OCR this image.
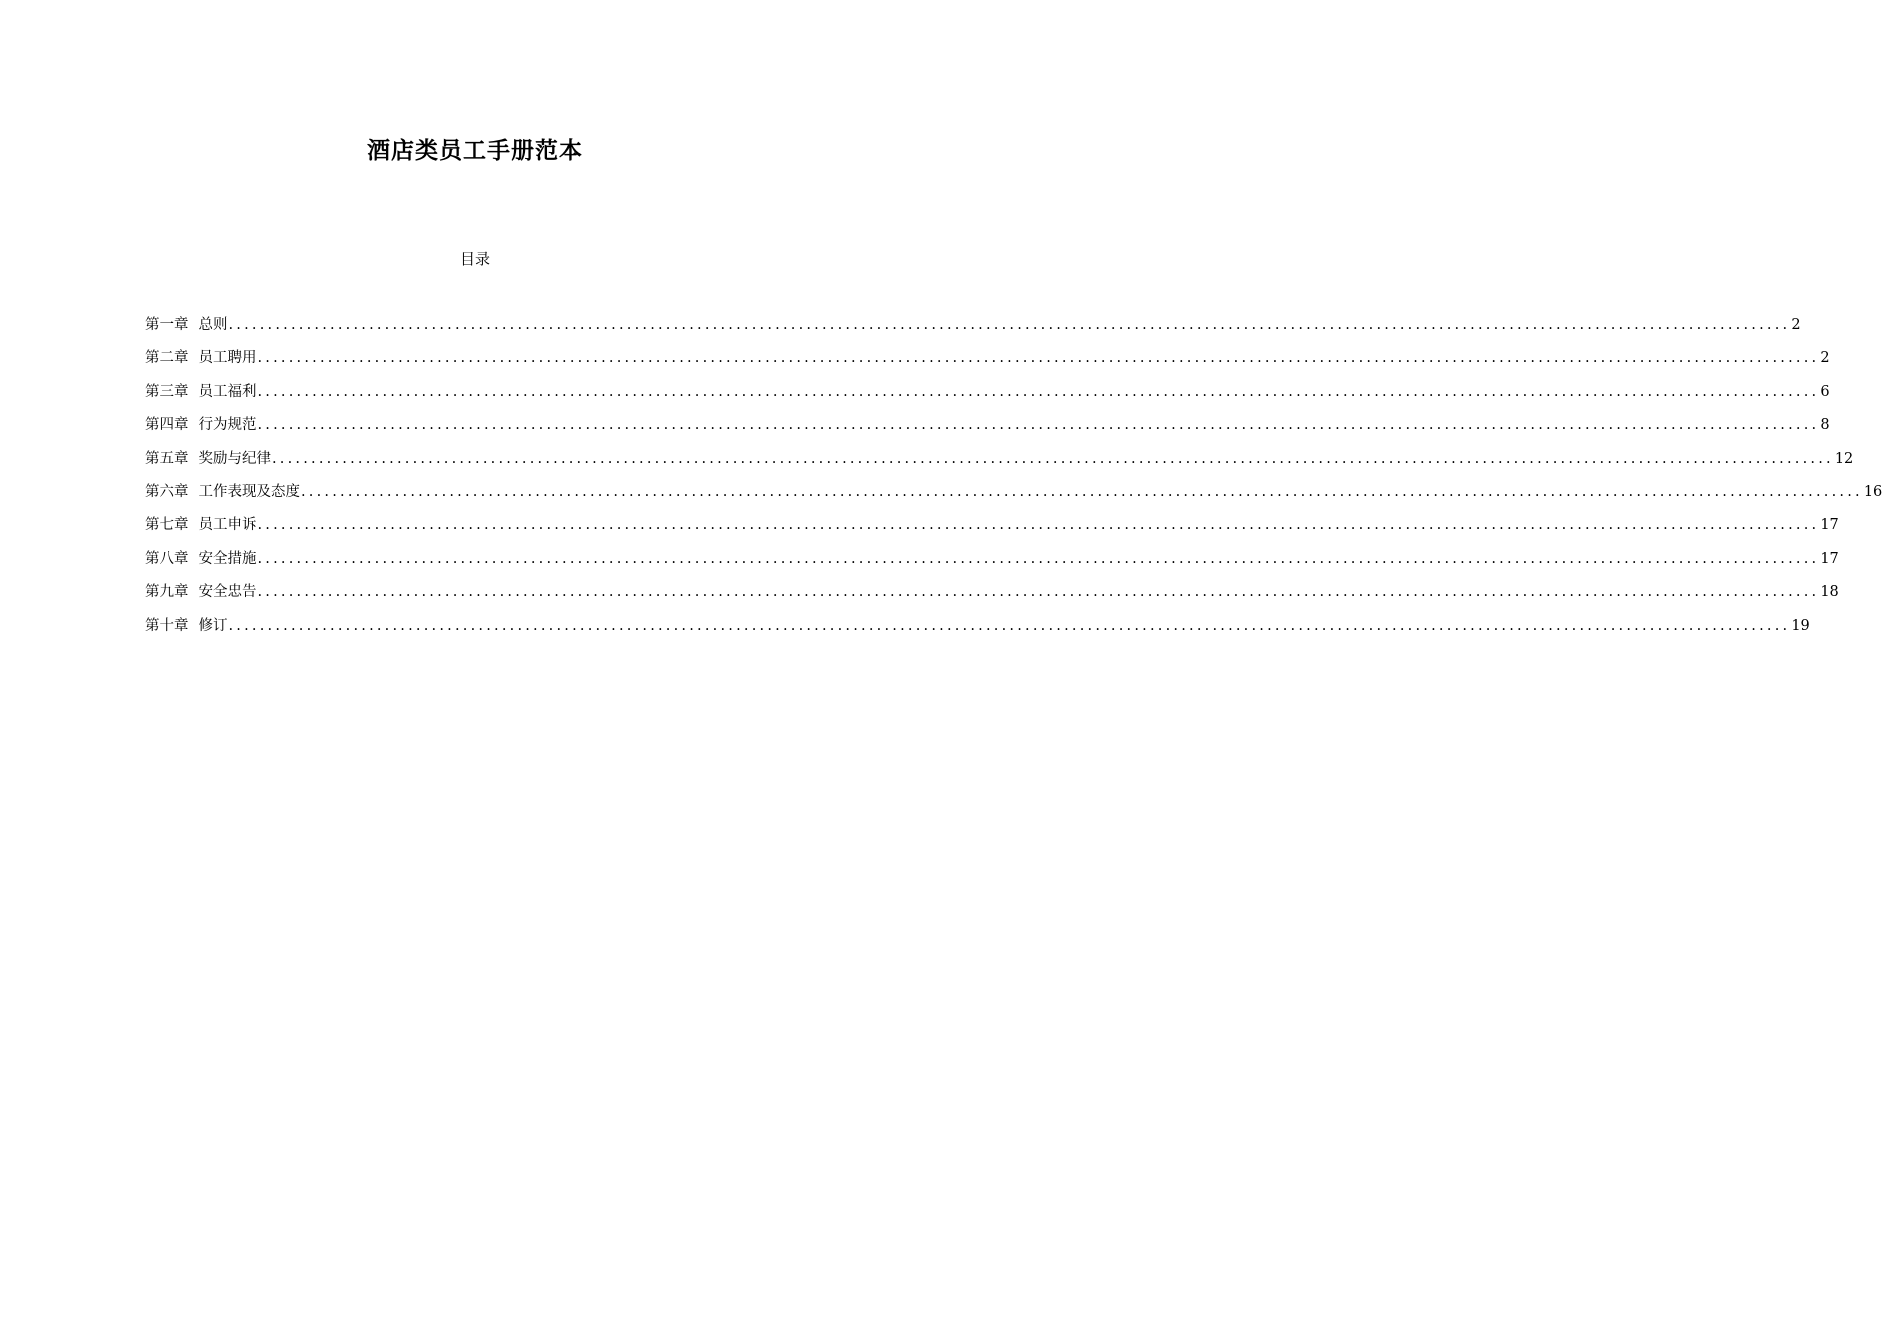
酒店类员工手册范本
目录
第一章 总则 ........................................................................................................................................................................................................ 2
第二章 员工聘用 ........................................................................................................................................................................................................ 2
第三章 员工福利 ........................................................................................................................................................................................................ 6
第四章 行为规范 ........................................................................................................................................................................................................ 8
第五章 奖励与纪律 ........................................................................................................................................................................................................ 12
第六章 工作表现及态度 ........................................................................................................................................................................................................ 16
第七章 员工申诉 ........................................................................................................................................................................................................ 17
第八章 安全措施 ........................................................................................................................................................................................................ 17
第九章 安全忠告 ........................................................................................................................................................................................................ 18
第十章 修订 ........................................................................................................................................................................................................ 19
